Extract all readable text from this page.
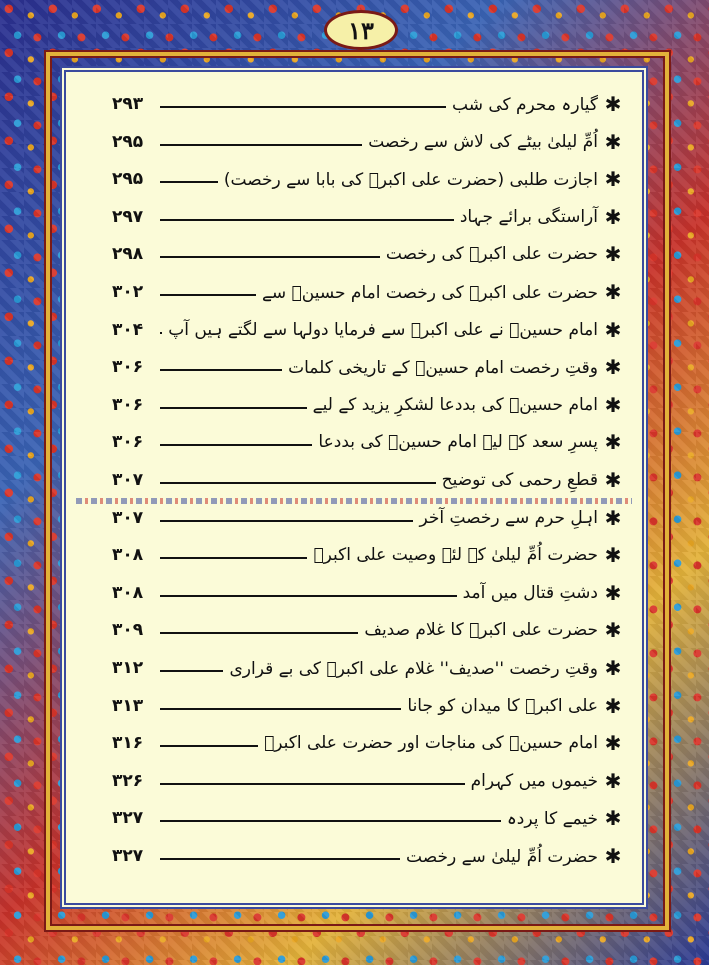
۱۳
۲۹۳	گیارہ محرم کی شب ✱
۲۹۵	اُمِّ لیلیٰ بیٹے کی لاش سے رخصت ✱
۲۹۵	اجازت طلبی (حضرت علی اکبرؑ کی بابا سے رخصت) ✱
۲۹۷	آراستگی برائے جہاد ✱
۲۹۸	حضرت علی اکبرؑ کی رخصت ✱
۳۰۲	حضرت علی اکبرؑ کی رخصت امام حسینؑ سے ✱
۳۰۴	امام حسینؑ نے علی اکبرؑ سے فرمایا دولہا سے لگتے ہیں آپ ✱
۳۰۶	وقتِ رخصت امام حسینؑ کے تاریخی کلمات ✱
۳۰۶	امام حسینؑ کی بددعا لشکرِ یزید کے لیے ✱
۳۰۶	پسرِ سعد کے لیے امام حسینؑ کی بددعا ✱
۳۰۷	قطعِ رحمی کی توضیح ✱
۳۰۷	اہلِ حرم سے رخصتِ آخر ✱
۳۰۸	حضرت اُمِّ لیلیٰ کے لئے وصیت علی اکبرؑ ✱
۳۰۸	دشتِ قتال میں آمد ✱
۳۰۹	حضرت علی اکبرؑ کا غلام صدیف ✱
۳۱۲	وقتِ رخصت ''صدیف'' غلام علی اکبرؑ کی بے قراری ✱
۳۱۳	علی اکبرؑ کا میدان کو جانا ✱
۳۱۶	امام حسینؑ کی مناجات اور حضرت علی اکبرؑ ✱
۳۲۶	خیموں میں کہرام ✱
۳۲۷	خیمے کا پردہ ✱
۳۲۷	حضرت اُمِّ لیلیٰ سے رخصت ✱
